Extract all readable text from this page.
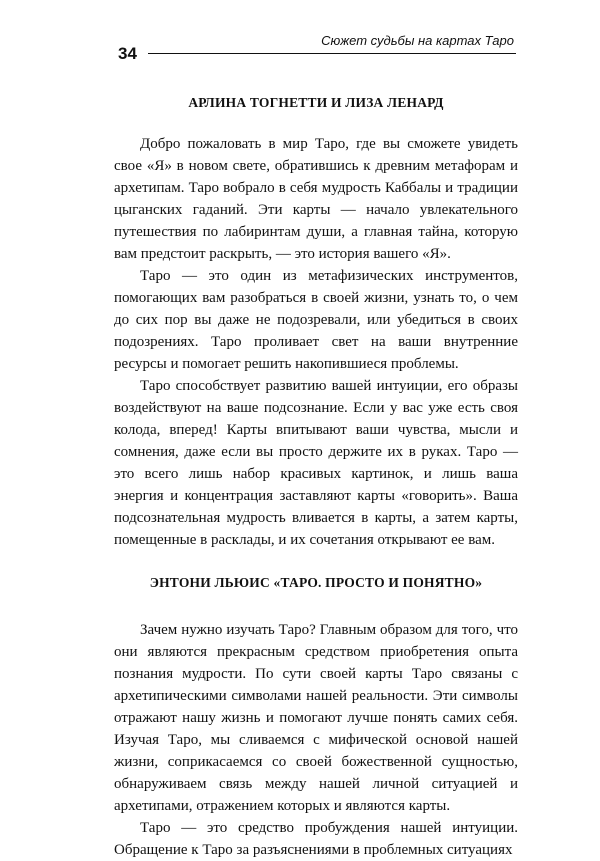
34
Сюжет судьбы на картах Таро
АРЛИНА ТОГНЕТТИ И ЛИЗА ЛЕНАРД

Добро пожаловать в мир Таро, где вы сможете увидеть свое «Я» в новом свете, обратившись к древним метафорам и архетипам. Таро вобрало в себя мудрость Каббалы и традиции цыганских гаданий. Эти карты — начало увлекательного путешествия по лабиринтам души, а главная тайна, которую вам предстоит раскрыть, — это история вашего «Я».

Таро — это один из метафизических инструментов, помогающих вам разобраться в своей жизни, узнать то, о чем до сих пор вы даже не подозревали, или убедиться в своих подозрениях. Таро проливает свет на ваши внутренние ресурсы и помогает решить накопившиеся проблемы.

Таро способствует развитию вашей интуиции, его образы воздействуют на ваше подсознание. Если у вас уже есть своя колода, вперед! Карты впитывают ваши чувства, мысли и сомнения, даже если вы просто держите их в руках. Таро — это всего лишь набор красивых картинок, и лишь ваша энергия и концентрация заставляют карты «говорить». Ваша подсознательная мудрость вливается в карты, а затем карты, помещенные в расклады, и их сочетания открывают ее вам.

ЭНТОНИ ЛЬЮИС «ТАРО. ПРОСТО И ПОНЯТНО»

Зачем нужно изучать Таро? Главным образом для того, что они являются прекрасным средством приобретения опыта познания мудрости. По сути своей карты Таро связаны с архетипическими символами нашей реальности. Эти символы отражают нашу жизнь и помогают лучше понять самих себя. Изучая Таро, мы сливаемся с мифической основой нашей жизни, соприкасаемся со своей божественной сущностью, обнаруживаем связь между нашей личной ситуацией и архетипами, отражением которых и являются карты.

Таро — это средство пробуждения нашей интуиции. Обращение к Таро за разъяснениями в проблемных ситуациях
